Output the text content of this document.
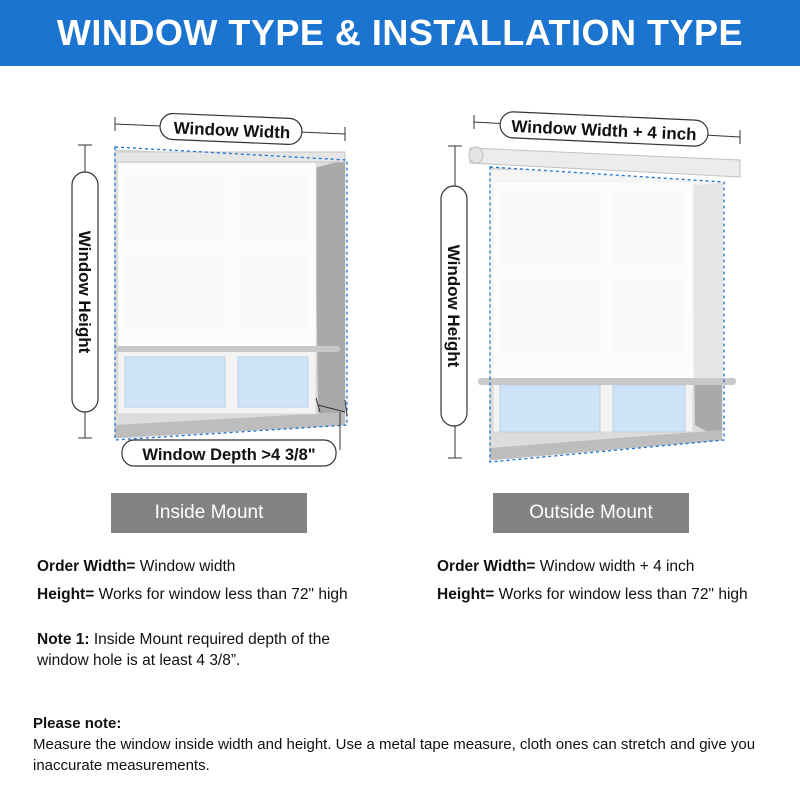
WINDOW TYPE & INSTALLATION TYPE
Window Width
Window Height
Window Depth >4 3/8"
Window Width + 4 inch
Window Height
Inside Mount	Outside Mount
Order Width= Window width
Height= Works for window less than 72" high
Note 1: Inside Mount required depth of the window hole is at least 4 3/8”.
Order Width= Window width + 4 inch
Height= Works for window less than 72" high
Please note:
Measure the window inside width and height. Use a metal tape measure, cloth ones can stretch and give you inaccurate measurements.
